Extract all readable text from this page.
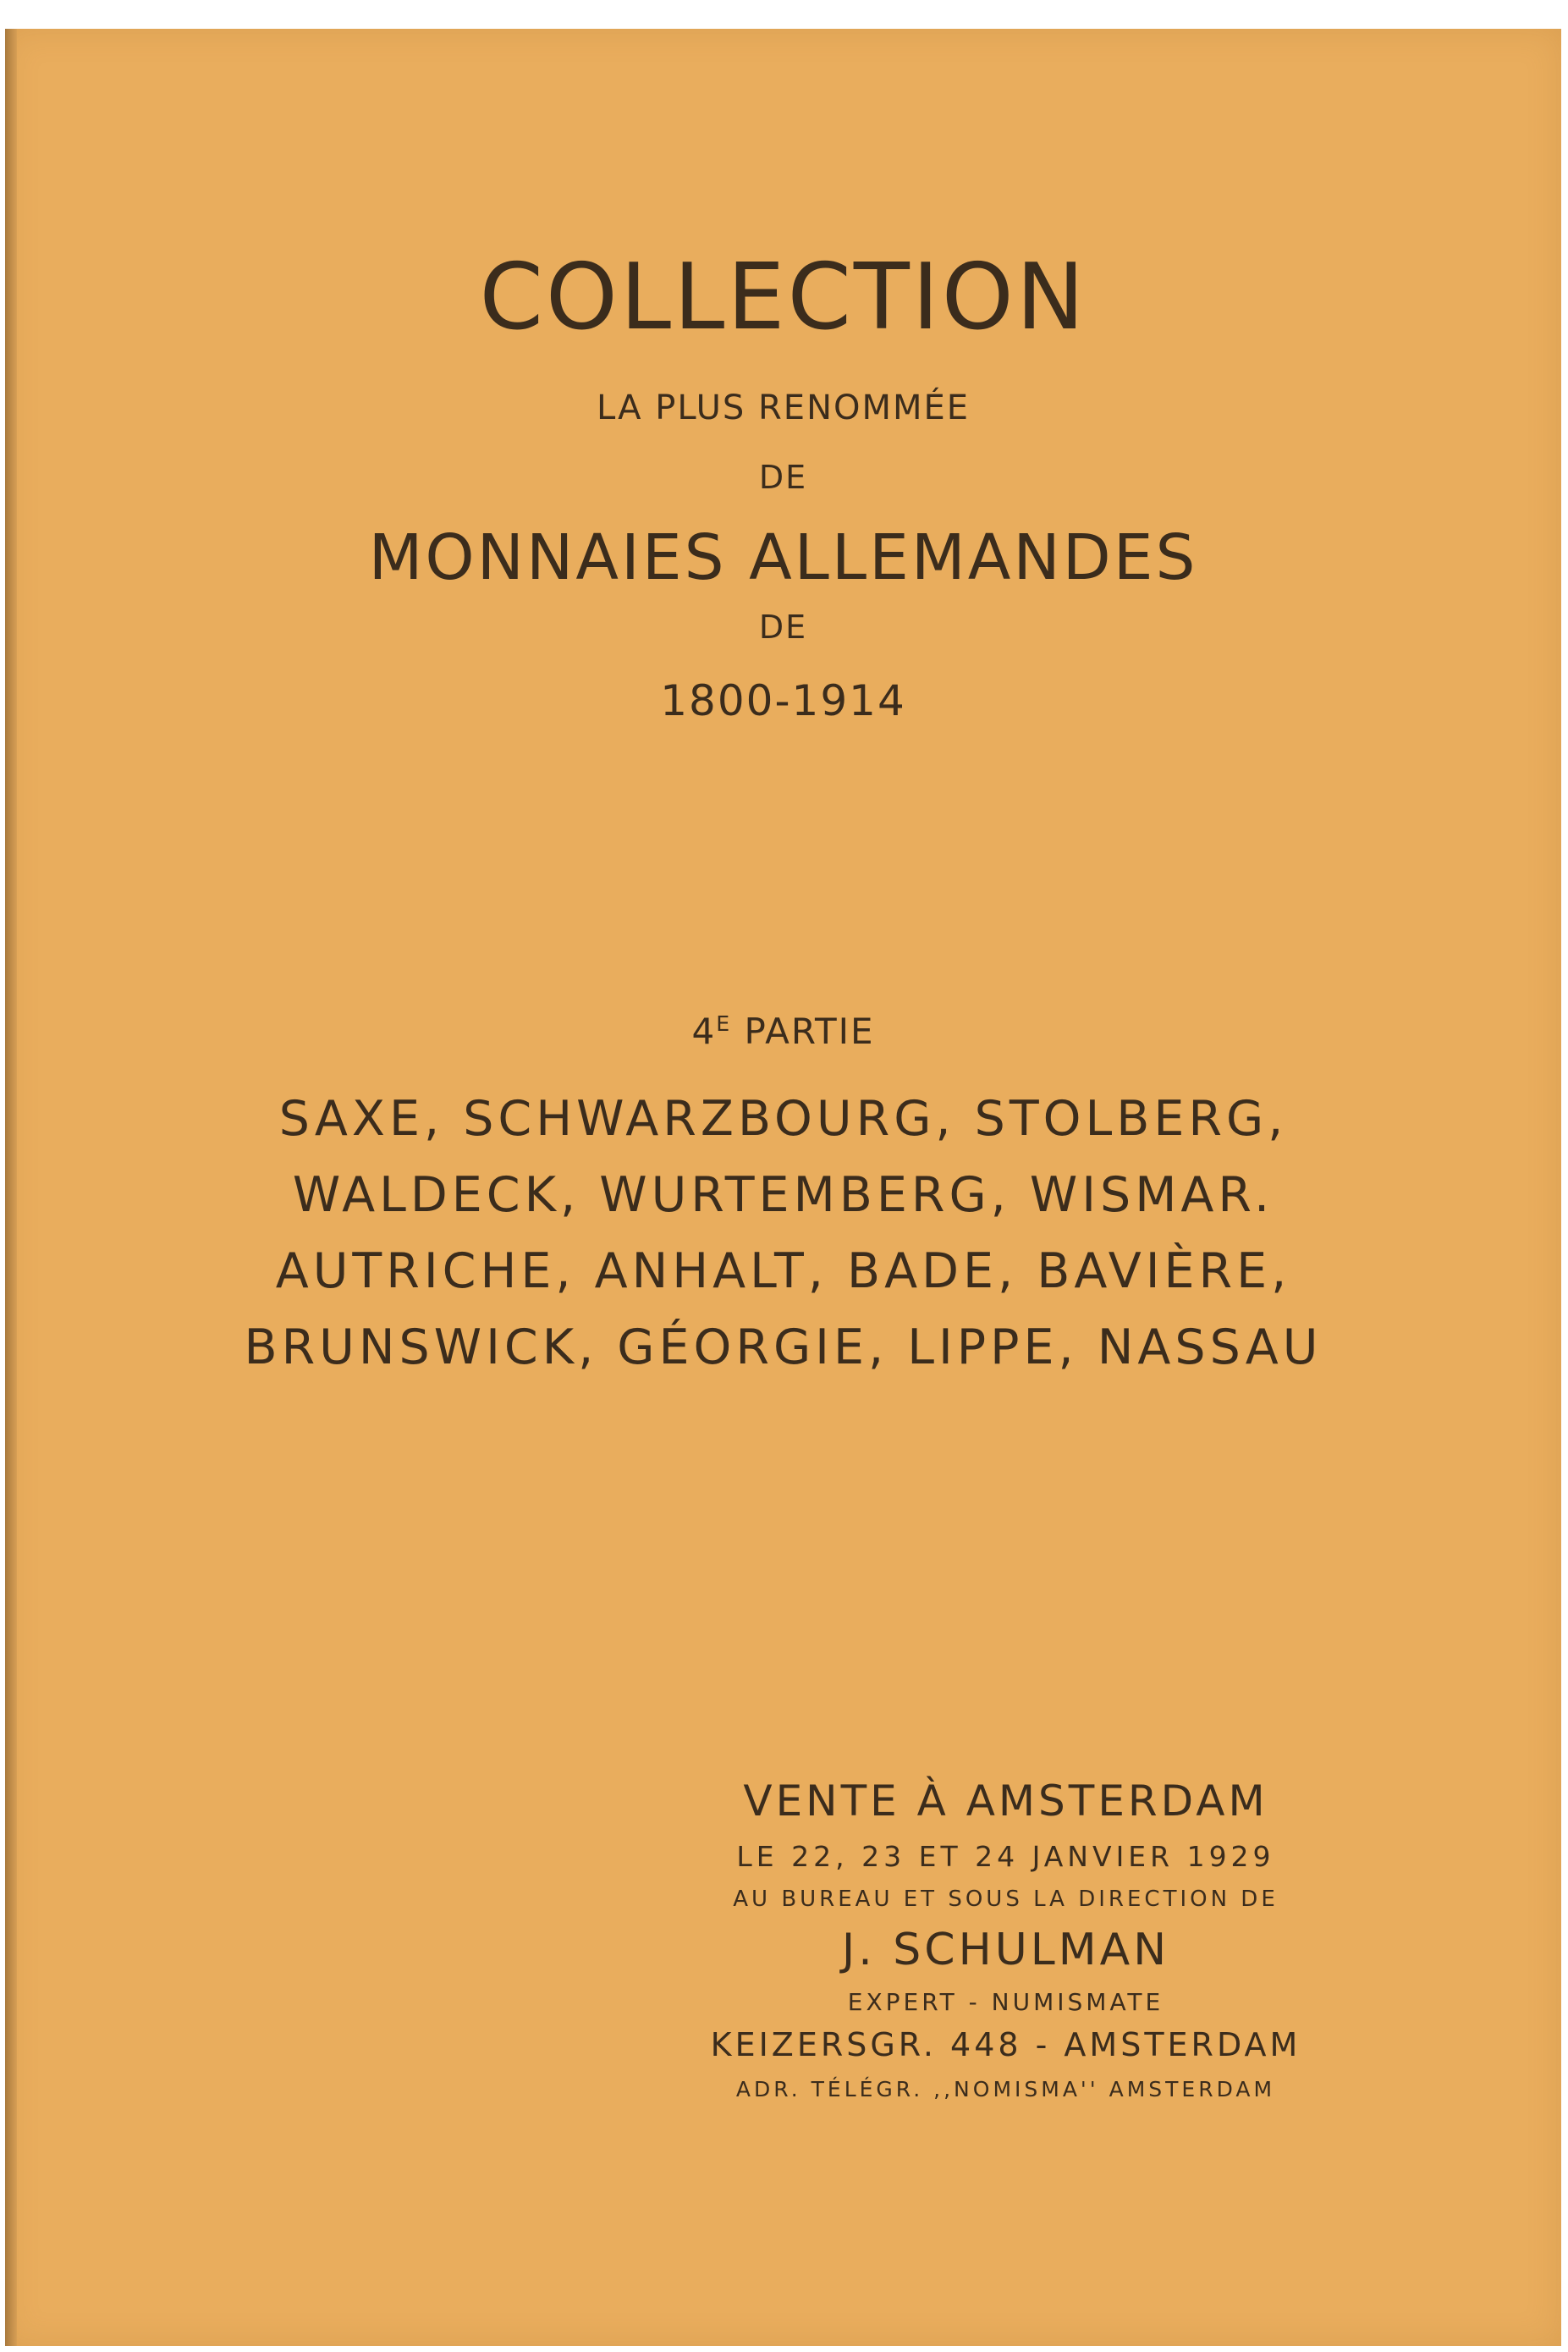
COLLECTION
LA PLUS RENOMMÉE
DE
MONNAIES ALLEMANDES
DE
1800-1914
$4^E$ PARTIE
SAXE, SCHWARZBOURG, STOLBERG,
WALDECK, WURTEMBERG, WISMAR.
AUTRICHE, ANHALT, BADE, BAVIÈRE,
BRUNSWICK, GÉORGIE, LIPPE, NASSAU
VENTE À AMSTERDAM
LE 22, 23 ET 24 JANVIER 1929
AU BUREAU ET SOUS LA DIRECTION DE
J. SCHULMAN
EXPERT - NUMISMATE
KEIZERSGR. 448 - AMSTERDAM
ADR. TÉLÉGR. ,,NOMISMA'' AMSTERDAM
